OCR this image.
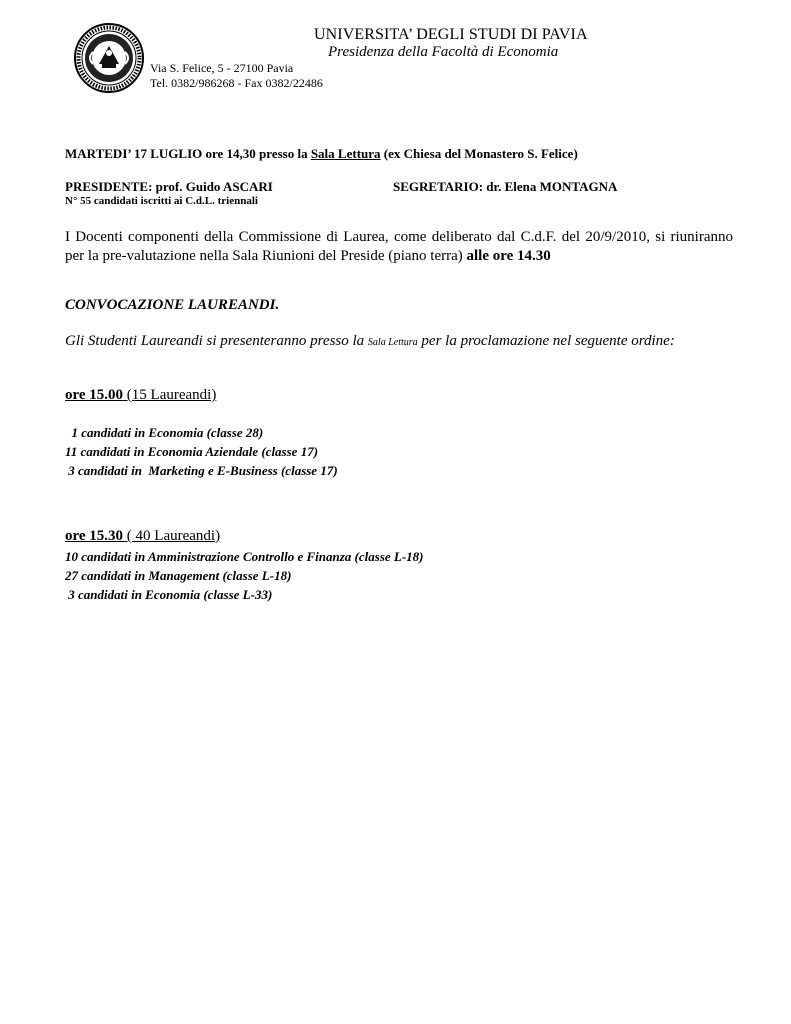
UNIVERSITA’ DEGLI STUDI DI PAVIA
Presidenza della Facoltà di Economia
Via S. Felice, 5 - 27100 Pavia
Tel. 0382/986268 - Fax 0382/22486
MARTEDI’ 17 LUGLIO ore 14,30 presso la Sala Lettura (ex Chiesa del Monastero S. Felice)
PRESIDENTE: prof. Guido ASCARI	SEGRETARIO: dr. Elena MONTAGNA
N° 55 candidati iscritti ai C.d.L. triennali
I Docenti componenti della Commissione di Laurea, come deliberato dal C.d.F. del 20/9/2010, si riuniranno per la pre-valutazione nella Sala Riunioni del Preside (piano terra) alle ore 14.30
CONVOCAZIONE LAUREANDI.
Gli Studenti Laureandi si presenteranno presso la Sala Lettura per la proclamazione nel seguente ordine:
ore 15.00 (15 Laureandi)
1 candidati in Economia (classe 28)
11 candidati in Economia Aziendale (classe 17)
3 candidati in  Marketing e E-Business (classe 17)
ore 15.30 ( 40 Laureandi)
10 candidati in Amministrazione Controllo e Finanza (classe L-18)
27 candidati in Management (classe L-18)
3 candidati in Economia (classe L-33)
